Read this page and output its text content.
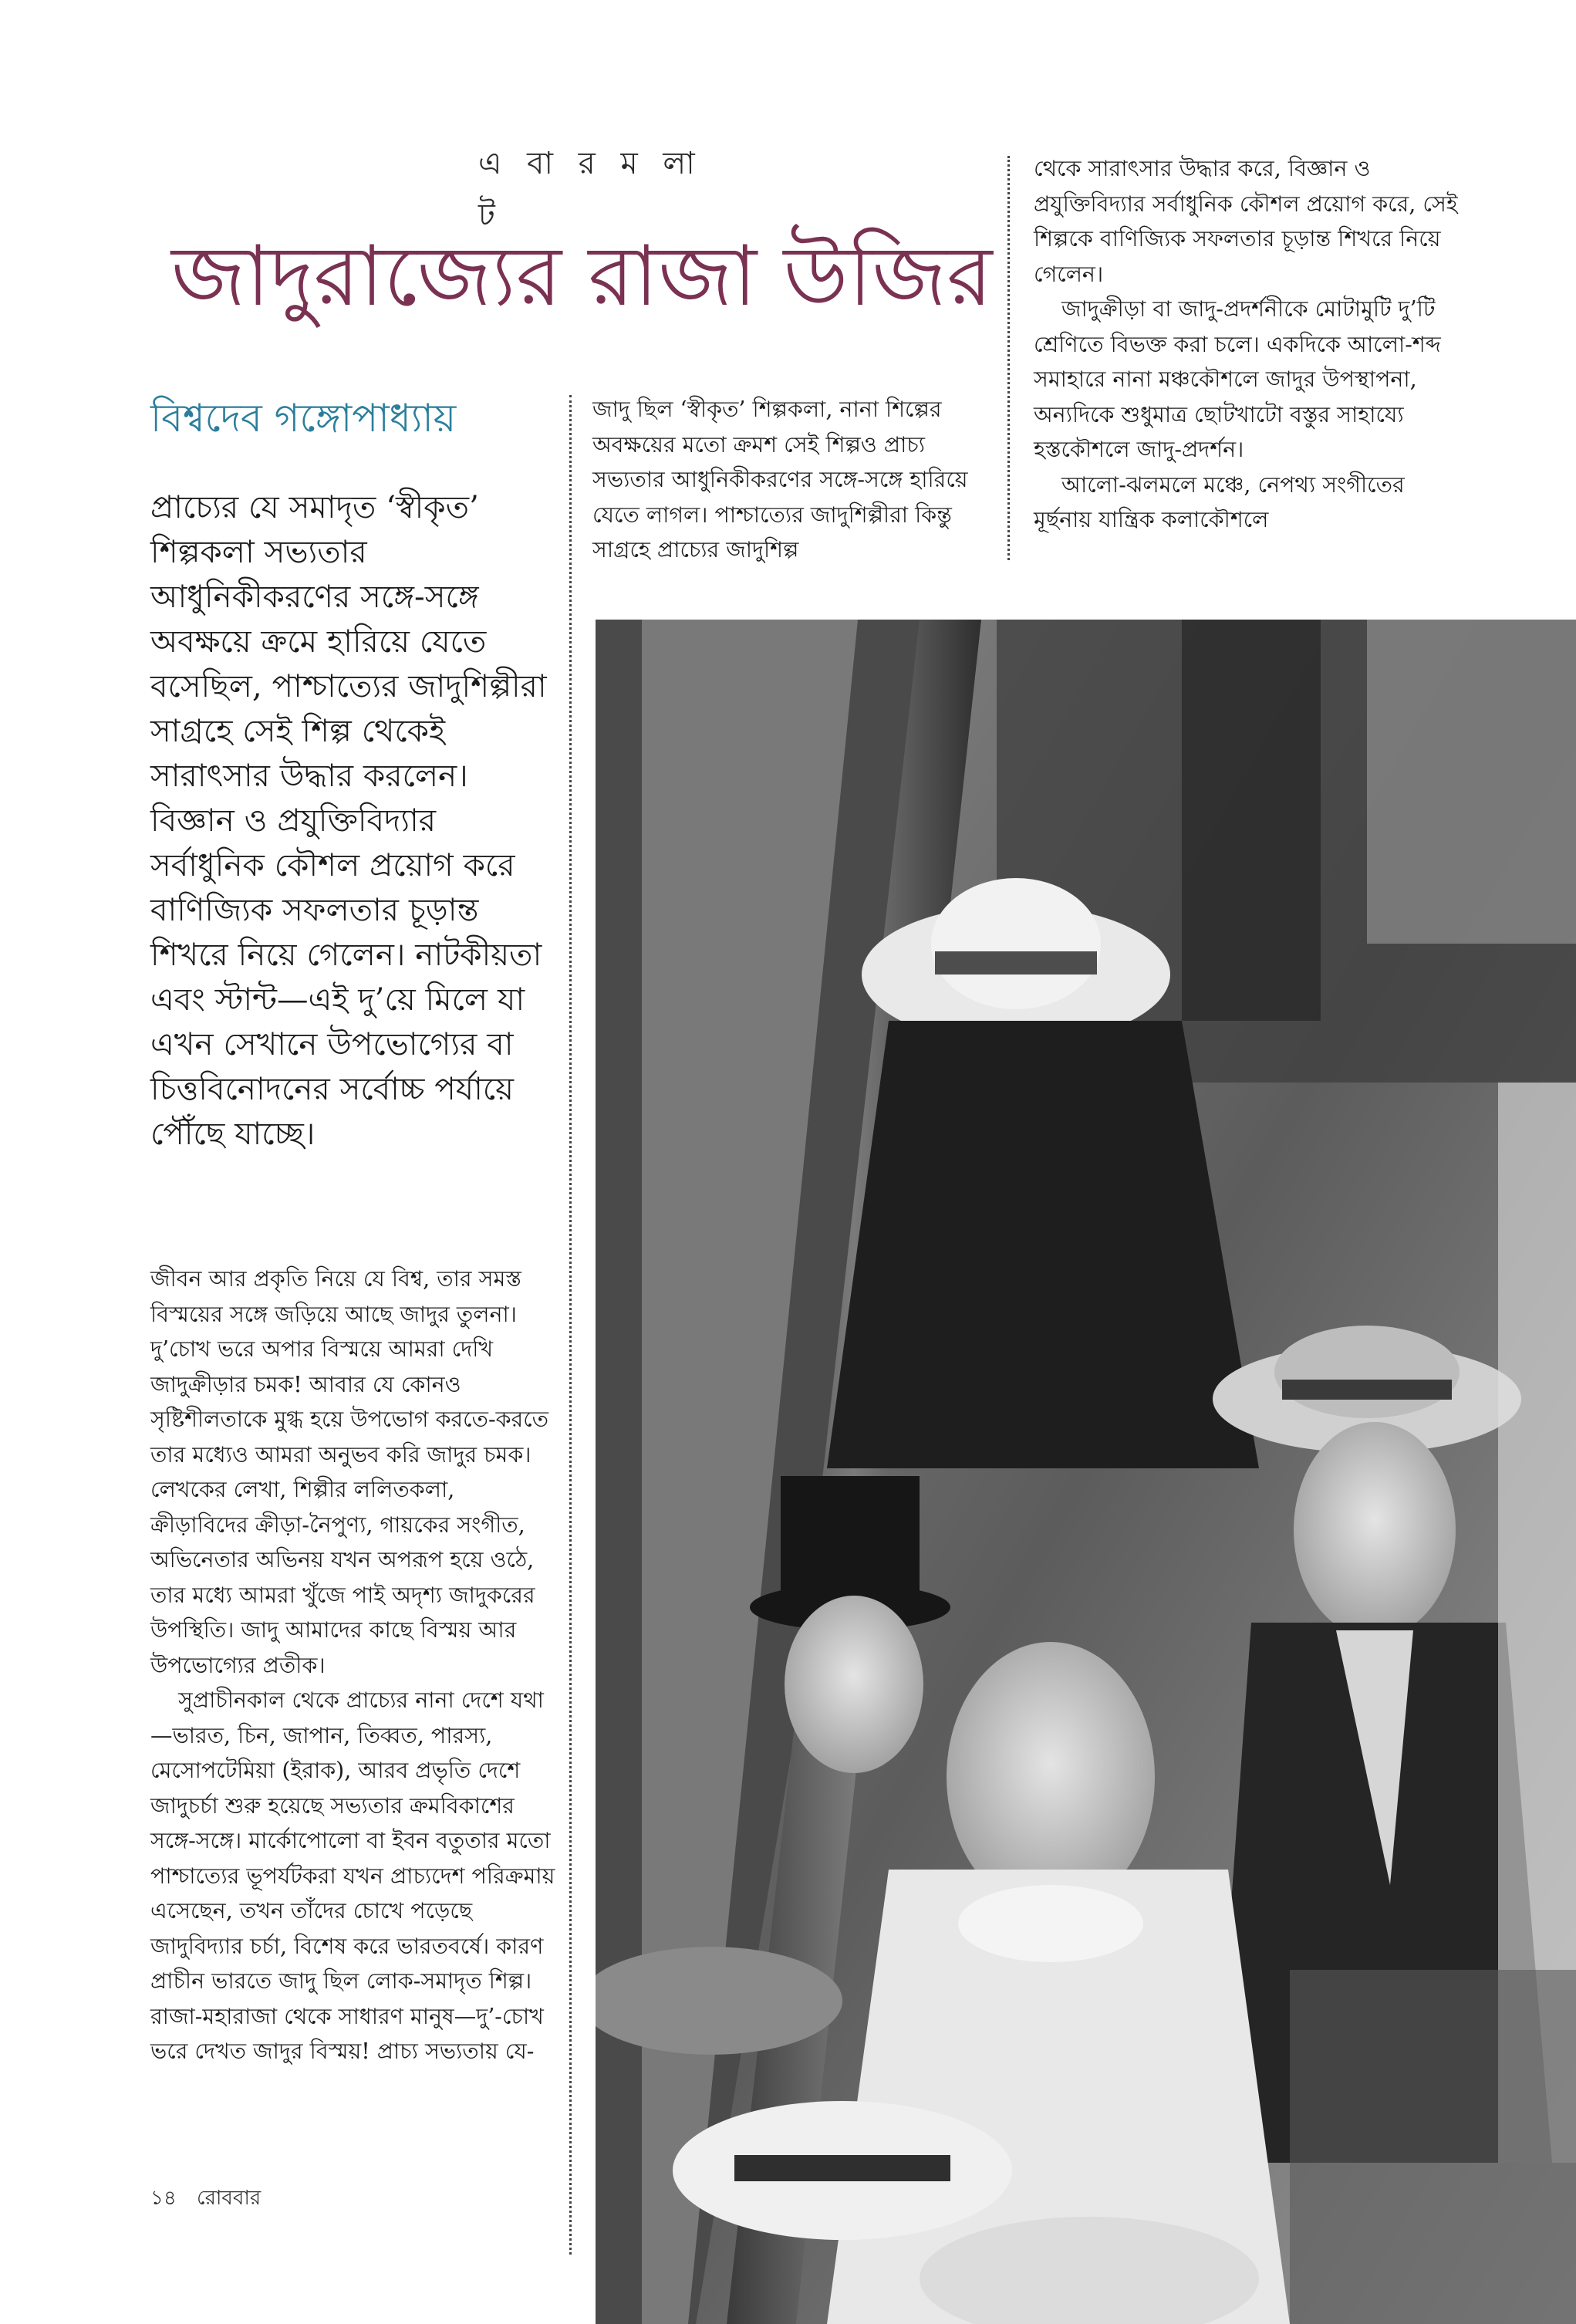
এ বা র ম লা ট
জাদুরাজ্যের রাজা উজির
বিশ্বদেব গঙ্গোপাধ্যায়
প্রাচ্যের যে সমাদৃত ‘স্বীকৃত’ শিল্পকলা সভ্যতার আধুনিকীকরণের সঙ্গে-সঙ্গে অবক্ষয়ে ক্রমে হারিয়ে যেতে বসেছিল, পাশ্চাত্যের জাদুশিল্পীরা সাগ্রহে সেই শিল্প থেকেই সারাৎসার উদ্ধার করলেন। বিজ্ঞান ও প্রযুক্তিবিদ্যার সর্বাধুনিক কৌশল প্রয়োগ করে বাণিজ্যিক সফলতার চূড়ান্ত শিখরে নিয়ে গেলেন। নাটকীয়তা এবং স্টান্ট—এই দু’য়ে মিলে যা এখন সেখানে উপভোগ্যের বা চিত্তবিনোদনের সর্বোচ্চ পর্যায়ে পৌঁছে যাচ্ছে।

জীবন আর প্রকৃতি নিয়ে যে বিশ্ব, তার সমস্ত বিস্ময়ের সঙ্গে জড়িয়ে আছে জাদুর তুলনা। দু’চোখ ভরে অপার বিস্ময়ে আমরা দেখি জাদুক্রীড়ার চমক! আবার যে কোনও সৃষ্টিশীলতাকে মুগ্ধ হয়ে উপভোগ করতে-করতে তার মধ্যেও আমরা অনুভব করি জাদুর চমক। লেখকের লেখা, শিল্পীর ললিতকলা, ক্রীড়াবিদের ক্রীড়া-নৈপুণ্য, গায়কের সংগীত, অভিনেতার অভিনয় যখন অপরূপ হয়ে ওঠে, তার মধ্যে আমরা খুঁজে পাই অদৃশ্য জাদুকরের উপস্থিতি। জাদু আমাদের কাছে বিস্ময় আর উপভোগ্যের প্রতীক।

সুপ্রাচীনকাল থেকে প্রাচ্যের নানা দেশে যথা—ভারত, চিন, জাপান, তিব্বত, পারস্য, মেসোপটেমিয়া (ইরাক), আরব প্রভৃতি দেশে জাদুচর্চা শুরু হয়েছে সভ্যতার ক্রমবিকাশের সঙ্গে-সঙ্গে। মার্কোপোলো বা ইবন বতুতার মতো পাশ্চাত্যের ভূপর্যটকরা যখন প্রাচ্যদেশ পরিক্রমায় এসেছেন, তখন তাঁদের চোখে পড়েছে জাদুবিদ্যার চর্চা, বিশেষ করে ভারতবর্ষে। কারণ প্রাচীন ভারতে জাদু ছিল লোক-সমাদৃত শিল্প। রাজা-মহারাজা থেকে সাধারণ মানুষ—দু’-চোখ ভরে দেখত জাদুর বিস্ময়! প্রাচ্য সভ্যতায় যে-

জাদু ছিল ‘স্বীকৃত’ শিল্পকলা, নানা শিল্পের অবক্ষয়ের মতো ক্রমশ সেই শিল্পও প্রাচ্য সভ্যতার আধুনিকীকরণের সঙ্গে-সঙ্গে হারিয়ে যেতে লাগল। পাশ্চাত্যের জাদুশিল্পীরা কিন্তু সাগ্রহে প্রাচ্যের জাদুশিল্প

থেকে সারাৎসার উদ্ধার করে, বিজ্ঞান ও প্রযুক্তিবিদ্যার সর্বাধুনিক কৌশল প্রয়োগ করে, সেই শিল্পকে বাণিজ্যিক সফলতার চূড়ান্ত শিখরে নিয়ে গেলেন।

জাদুক্রীড়া বা জাদু-প্রদর্শনীকে মোটামুটি দু’টি শ্রেণিতে বিভক্ত করা চলে। একদিকে আলো-শব্দ সমাহারে নানা মঞ্চকৌশলে জাদুর উপস্থাপনা, অন্যদিকে শুধুমাত্র ছোটখাটো বস্তুর সাহায্যে হস্তকৌশলে জাদু-প্রদর্শন।

আলো-ঝলমলে মঞ্চে, নেপথ্য সংগীতের মূর্ছনায় যান্ত্রিক কলাকৌশলে

১৪ রোববার
